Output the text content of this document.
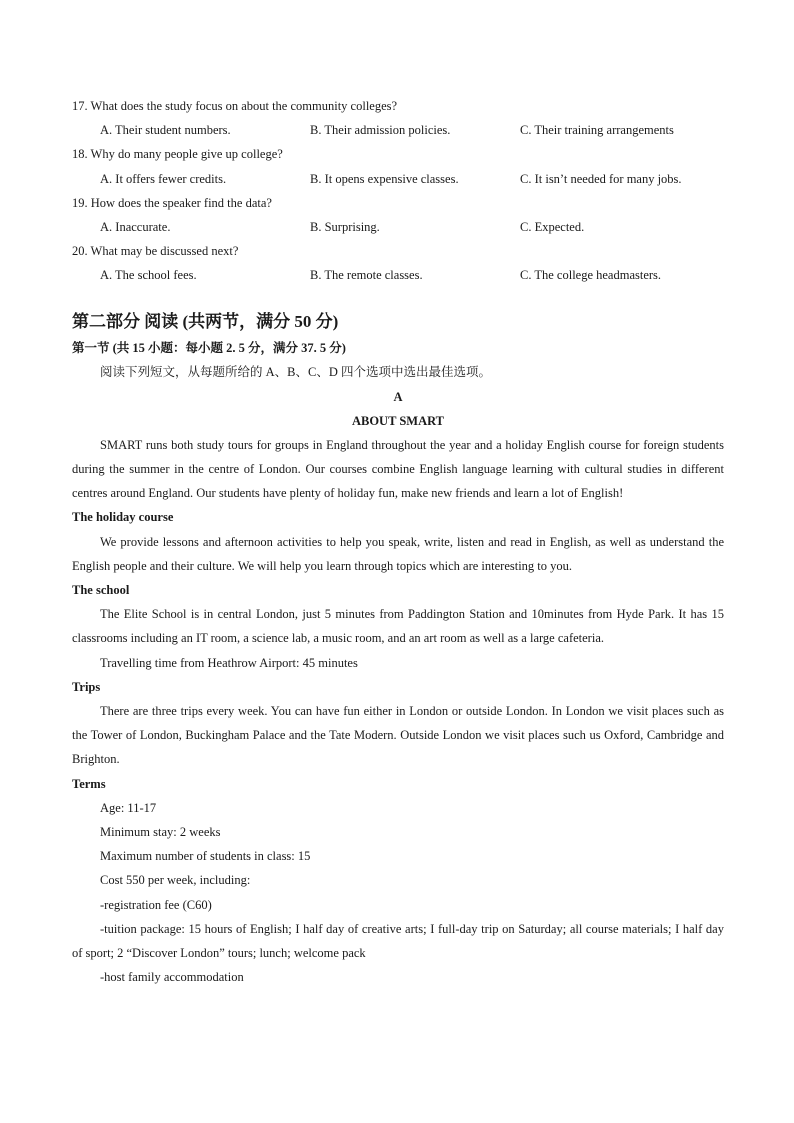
17. What does the study focus on about the community colleges?
A. Their student numbers.	B. Their admission policies.	C. Their training arrangements
18. Why do many people give up college?
A. It offers fewer credits.	B. It opens expensive classes.	C. It isn’t needed for many jobs.
19. How does the speaker find the data?
A. Inaccurate.	B. Surprising.	C. Expected.
20. What may be discussed next?
A. The school fees.	B. The remote classes.	C. The college headmasters.
第二部分 阅读 (共两节，满分 50 分)
第一节 (共 15 小题：每小题 2. 5 分，满分 37. 5 分)
阅读下列短文，从每题所给的 A、B、C、D 四个选项中选出最佳选项。
A
ABOUT SMART

SMART runs both study tours for groups in England throughout the year and a holiday English course for foreign students during the summer in the centre of London. Our courses combine English language learning with cultural studies in different centres around England. Our students have plenty of holiday fun, make new friends and learn a lot of English!

The holiday course

We provide lessons and afternoon activities to help you speak, write, listen and read in English, as well as understand the English people and their culture. We will help you learn through topics which are interesting to you.

The school

The Elite School is in central London, just 5 minutes from Paddington Station and 10minutes from Hyde Park. It has 15 classrooms including an IT room, a science lab, a music room, and an art room as well as a large cafeteria.

Travelling time from Heathrow Airport: 45 minutes
Trips

There are three trips every week. You can have fun either in London or outside London. In London we visit places such as the Tower of London, Buckingham Palace and the Tate Modern. Outside London we visit places such us Oxford, Cambridge and Brighton.

Terms
Age: 11-17
Minimum stay: 2 weeks
Maximum number of students in class: 15
Cost 550 per week, including:
-registration fee (C60)

-tuition package: 15 hours of English; I half day of creative arts; I full-day trip on Saturday; all course materials; I half day of sport; 2 “Discover London” tours; lunch; welcome pack

-host family accommodation
